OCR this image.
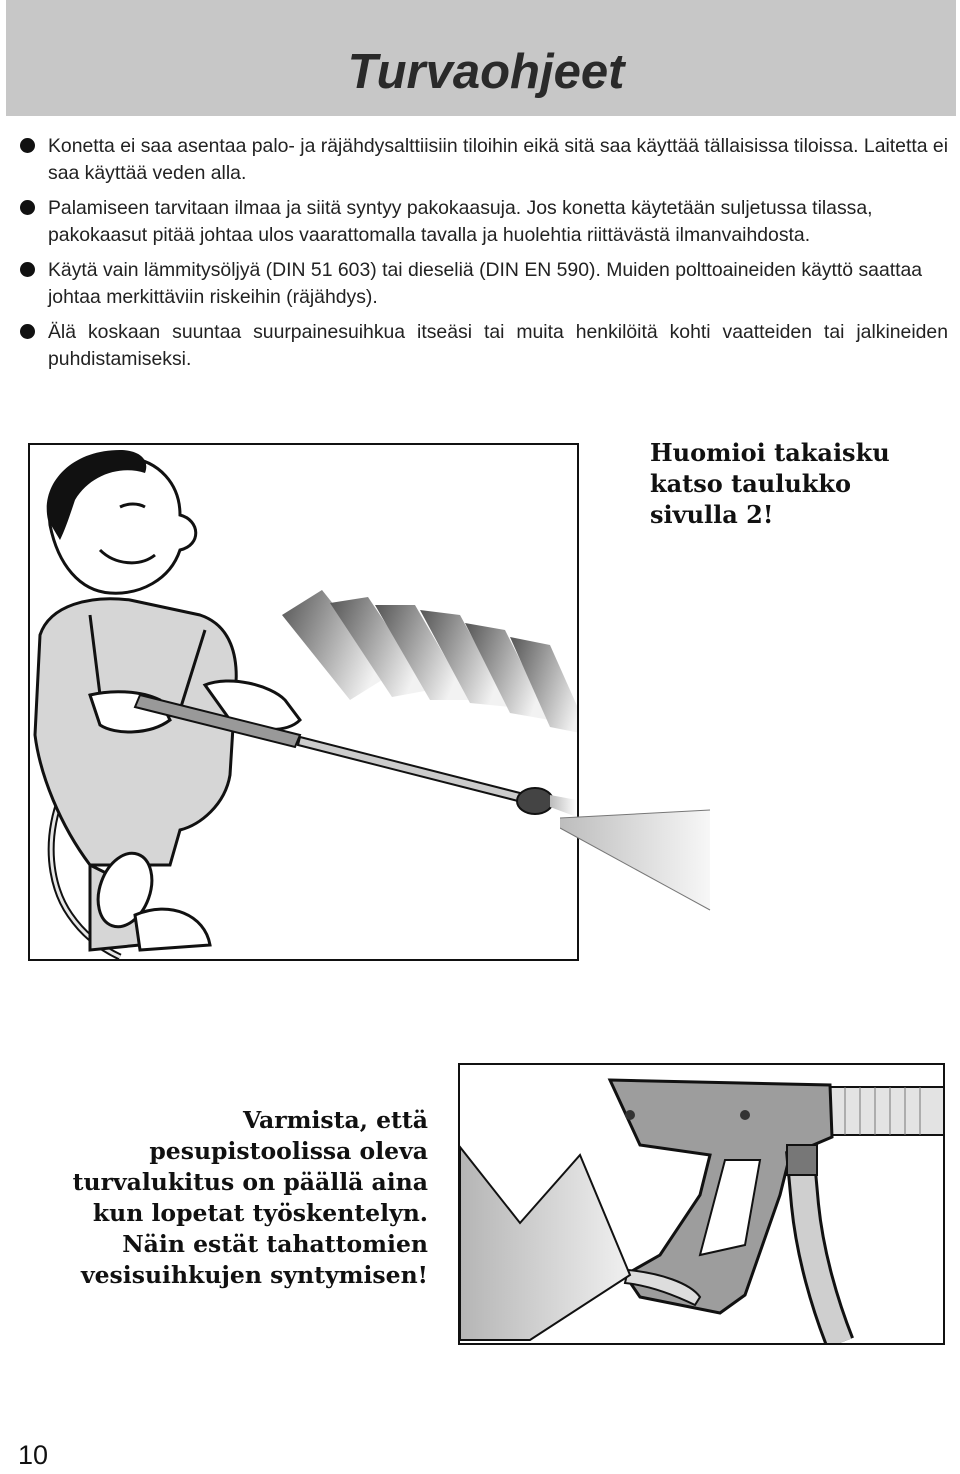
Turvaohjeet
Konetta ei saa asentaa palo- ja räjähdysalttiisiin tiloihin eikä sitä saa käyttää tällaisissa tiloissa. Laitetta ei saa käyttää veden alla.
Palamiseen tarvitaan ilmaa ja siitä syntyy pakokaasuja. Jos konetta käytetään suljetussa tilassa, pakokaasut pitää johtaa ulos vaarattomalla tavalla ja huolehtia riittävästä ilmanvaihdosta.
Käytä vain lämmitysöljyä (DIN 51 603) tai dieseliä (DIN EN 590). Muiden polttoaineiden käyttö saattaa johtaa merkittäviin riskeihin (räjähdys).
Älä koskaan suuntaa suurpainesuihkua itseäsi tai muita henkilöitä kohti vaatteiden tai jalkineiden puhdistamiseksi.

Huomioi takaisku katso taulukko sivulla 2!

Varmista, että pesupistoolissa oleva turvalukitus on päällä aina kun lopetat työskentelyn. Näin estät tahattomien vesisuihkujen syntymisen!

10
